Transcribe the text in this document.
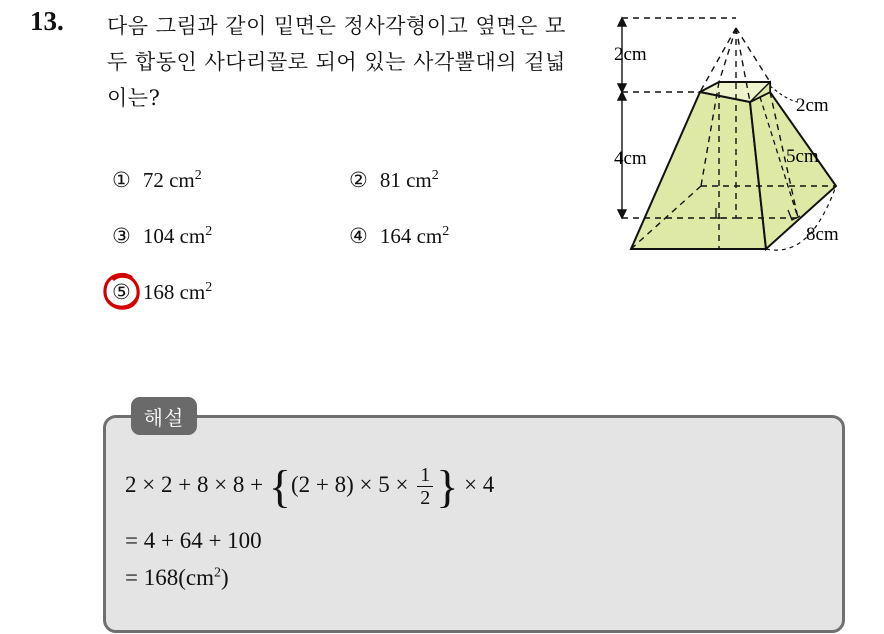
13. 다음 그림과 같이 밑면은 정사각형이고 옆면은 모두 합동인 사다리꼴로 되어 있는 사각뿔대의 겉넓이는?
① 72 $cm^2$	② 81 $cm^2$
③ 104 $cm^2$	④ 164 $cm^2$
⑤ 168 $cm^2$
2cm
2cm
4cm	5cm
8cm
해설
$2 \times 2 + 8 \times 8 + \{(2 + 8) \times 5 \times \frac{1}{2}$ } × 4
= 4 + 64 + 100
= $168(cm^2)$
